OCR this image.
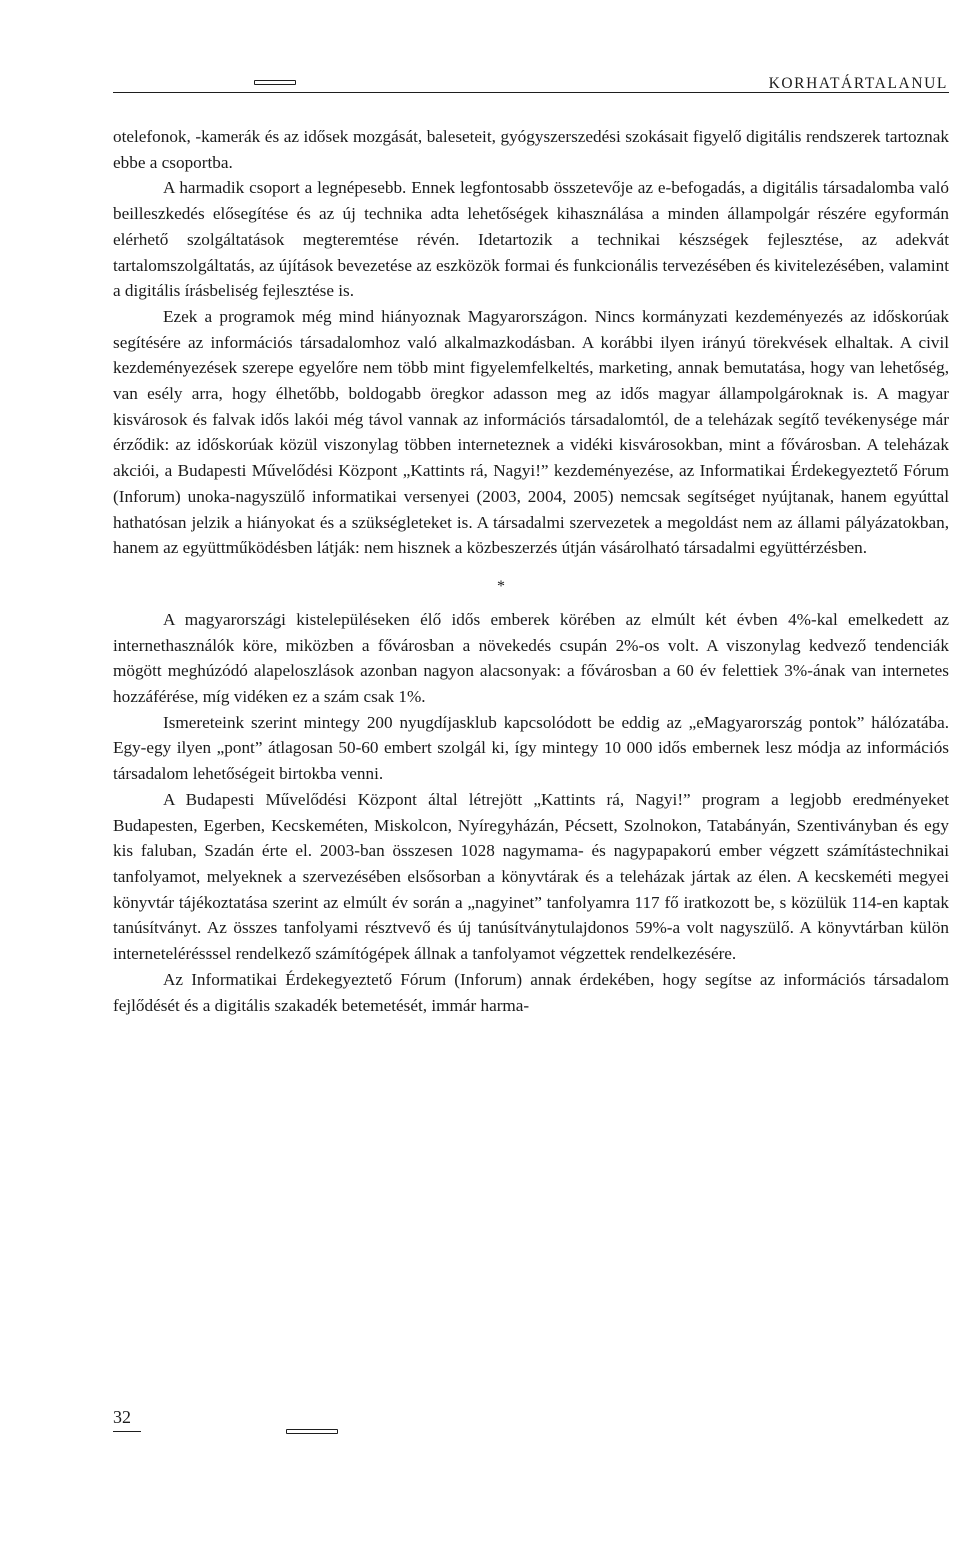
KORHATÁRTALANUL

otelefonok, -kamerák és az idősek mozgását, baleseteit, gyógyszerszedési szokásait figyelő digitális rendszerek tartoznak ebbe a csoportba.

A harmadik csoport a legnépesebb. Ennek legfontosabb összetevője az e-befogadás, a digitális társadalomba való beilleszkedés elősegítése és az új technika adta lehetőségek kihasználása a minden állampolgár részére egyformán elérhető szolgáltatások megteremtése révén. Idetartozik a technikai készségek fejlesztése, az adekvát tartalomszolgáltatás, az újítások bevezetése az eszközök formai és funkcionális tervezésében és kivitelezésében, valamint a digitális írásbeliség fejlesztése is.

Ezek a programok még mind hiányoznak Magyarországon. Nincs kormányzati kezdeményezés az időskorúak segítésére az információs társadalomhoz való alkalmazkodásban. A korábbi ilyen irányú törekvések elhaltak. A civil kezdeményezések szerepe egyelőre nem több mint figyelemfelkeltés, marketing, annak bemutatása, hogy van lehetőség, van esély arra, hogy élhetőbb, boldogabb öregkor adasson meg az idős magyar állampolgároknak is. A magyar kisvárosok és falvak idős lakói még távol vannak az információs társadalomtól, de a teleházak segítő tevékenysége már érződik: az időskorúak közül viszonylag többen interneteznek a vidéki kisvárosokban, mint a fővárosban. A teleházak akciói, a Budapesti Művelődési Központ „Kattints rá, Nagyi!” kezdeményezése, az Informatikai Érdekegyeztető Fórum (Inforum) unoka-nagyszülő informatikai versenyei (2003, 2004, 2005) nemcsak segítséget nyújtanak, hanem egyúttal hathatósan jelzik a hiányokat és a szükségleteket is. A társadalmi szervezetek a megoldást nem az állami pályázatokban, hanem az együttműködésben látják: nem hisznek a közbeszerzés útján vásárolható társadalmi együttérzésben.

*

A magyarországi kistelepüléseken élő idős emberek körében az elmúlt két évben 4%-kal emelkedett az internethasználók köre, miközben a fővárosban a növekedés csupán 2%-os volt. A viszonylag kedvező tendenciák mögött meghúzódó alapeloszlások azonban nagyon alacsonyak: a fővárosban a 60 év felettiek 3%-ának van internetes hozzáférése, míg vidéken ez a szám csak 1%.

Ismereteink szerint mintegy 200 nyugdíjasklub kapcsolódott be eddig az „eMagyarország pontok” hálózatába. Egy-egy ilyen „pont” átlagosan 50-60 embert szolgál ki, így mintegy 10 000 idős embernek lesz módja az információs társadalom lehetőségeit birtokba venni.

A Budapesti Művelődési Központ által létrejött „Kattints rá, Nagyi!” program a legjobb eredményeket Budapesten, Egerben, Kecskeméten, Miskolcon, Nyíregyházán, Pécsett, Szolnokon, Tatabányán, Szentiványban és egy kis faluban, Szadán érte el. 2003-ban összesen 1028 nagymama- és nagypapakorú ember végzett számítástechnikai tanfolyamot, melyeknek a szervezésében elsősorban a könyvtárak és a teleházak jártak az élen. A kecskeméti megyei könyvtár tájékoztatása szerint az elmúlt év során a „nagyinet” tanfolyamra 117 fő iratkozott be, s közülük 114-en kaptak tanúsítványt. Az összes tanfolyami résztvevő és új tanúsítványtulajdonos 59%-a volt nagyszülő. A könyvtárban külön internetelérésssel rendelkező számítógépek állnak a tanfolyamot végzettek rendelkezésére.

Az Informatikai Érdekegyeztető Fórum (Inforum) annak érdekében, hogy segítse az információs társadalom fejlődését és a digitális szakadék betemetését, immár harma-

32
